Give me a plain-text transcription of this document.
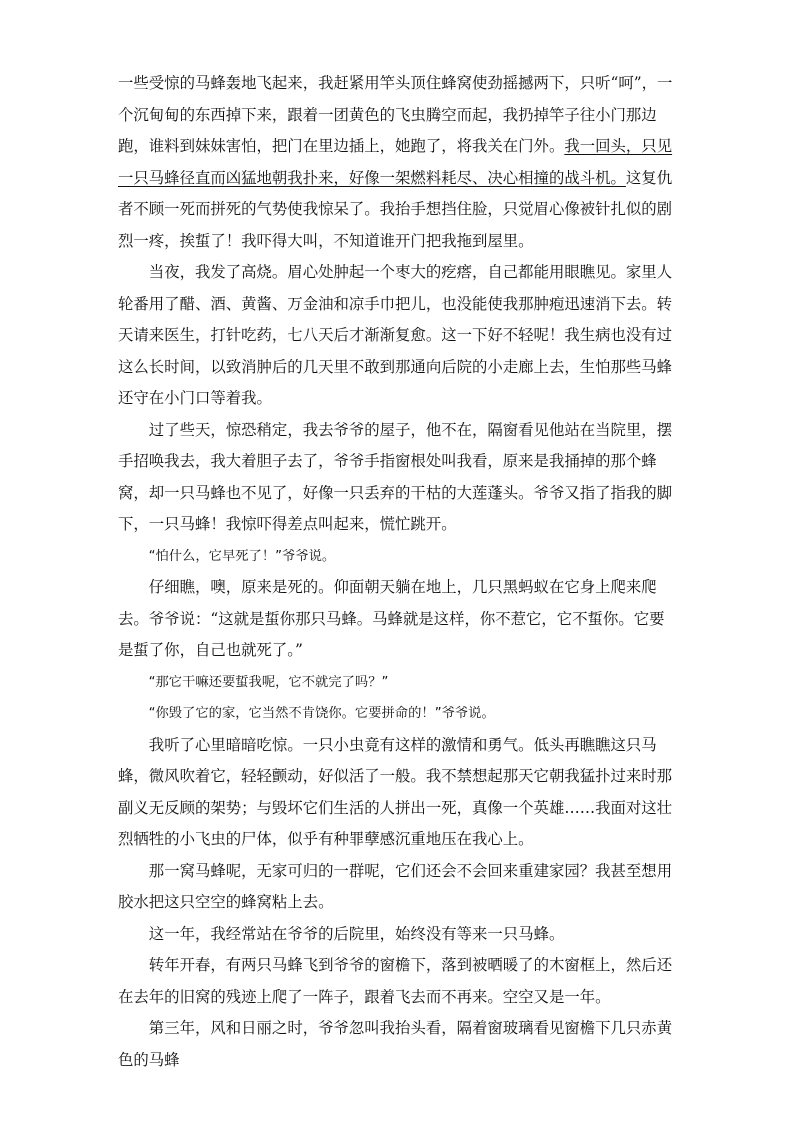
一些受惊的马蜂轰地飞起来，我赶紧用竿头顶住蜂窝使劲摇撼两下，只听“呵”，一个沉甸甸的东西掉下来，跟着一团黄色的飞虫腾空而起，我扔掉竿子往小门那边跑，谁料到妹妹害怕，把门在里边插上，她跑了，将我关在门外。我一回头，只见一只马蜂径直而凶猛地朝我扑来，好像一架燃料耗尽、决心相撞的战斗机。这复仇者不顾一死而拼死的气势使我惊呆了。我抬手想挡住脸，只觉眉心像被针扎似的剧烈一疼，挨蜇了！我吓得大叫，不知道谁开门把我拖到屋里。

当夜，我发了高烧。眉心处肿起一个枣大的疙瘩，自己都能用眼瞧见。家里人轮番用了醋、酒、黄酱、万金油和凉手巾把儿，也没能使我那肿疱迅速消下去。转天请来医生，打针吃药，七八天后才渐渐复愈。这一下好不轻呢！我生病也没有过这么长时间，以致消肿后的几天里不敢到那通向后院的小走廊上去，生怕那些马蜂还守在小门口等着我。

过了些天，惊恐稍定，我去爷爷的屋子，他不在，隔窗看见他站在当院里，摆手招唤我去，我大着胆子去了，爷爷手指窗根处叫我看，原来是我捅掉的那个蜂窝，却一只马蜂也不见了，好像一只丢弃的干枯的大莲蓬头。爷爷又指了指我的脚下，一只马蜂！我惊吓得差点叫起来，慌忙跳开。

“怕什么，它早死了！”爷爷说。

仔细瞧，噢，原来是死的。仰面朝天躺在地上，几只黑蚂蚁在它身上爬来爬去。爷爷说：“这就是蜇你那只马蜂。马蜂就是这样，你不惹它，它不蜇你。它要是蜇了你，自己也就死了。”

“那它干嘛还要蜇我呢，它不就完了吗？”

“你毁了它的家，它当然不肯饶你。它要拼命的！”爷爷说。

我听了心里暗暗吃惊。一只小虫竟有这样的激情和勇气。低头再瞧瞧这只马蜂，微风吹着它，轻轻颤动，好似活了一般。我不禁想起那天它朝我猛扑过来时那副义无反顾的架势；与毁坏它们生活的人拼出一死，真像一个英雄……我面对这壮烈牺牲的小飞虫的尸体，似乎有种罪孽感沉重地压在我心上。

那一窝马蜂呢，无家可归的一群呢，它们还会不会回来重建家园？我甚至想用胶水把这只空空的蜂窝粘上去。

这一年，我经常站在爷爷的后院里，始终没有等来一只马蜂。

转年开春，有两只马蜂飞到爷爷的窗檐下，落到被晒暖了的木窗框上，然后还在去年的旧窝的残迹上爬了一阵子，跟着飞去而不再来。空空又是一年。

第三年，风和日丽之时，爷爷忽叫我抬头看，隔着窗玻璃看见窗檐下几只赤黄色的马蜂
